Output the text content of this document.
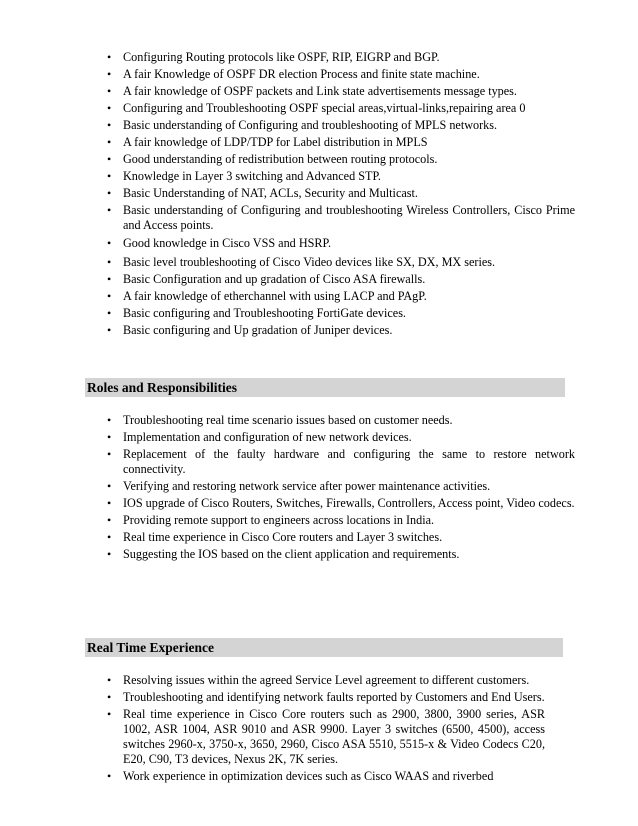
• Configuring Routing protocols like OSPF, RIP, EIGRP and BGP.
• A fair Knowledge of OSPF DR election Process and finite state machine.
• A fair knowledge of OSPF packets and Link state advertisements message types.
• Configuring and Troubleshooting OSPF special areas,virtual-links,repairing area 0
• Basic understanding of Configuring and troubleshooting of MPLS networks.
• A fair knowledge of LDP/TDP for Label distribution in MPLS
• Good understanding of redistribution between routing protocols.
• Knowledge in Layer 3 switching and Advanced STP.
• Basic Understanding of NAT, ACLs, Security and Multicast.
• Basic understanding of Configuring and troubleshooting Wireless Controllers, Cisco Prime and Access points.
• Good knowledge in Cisco VSS and HSRP.
• Basic level troubleshooting of Cisco Video devices like SX, DX, MX series.
• Basic Configuration and up gradation of Cisco ASA firewalls.
• A fair knowledge of etherchannel with using LACP and PAgP.
• Basic configuring and Troubleshooting FortiGate devices.
• Basic configuring and Up gradation of Juniper devices.
Roles and Responsibilities
• Troubleshooting real time scenario issues based on customer needs.
• Implementation and configuration of new network devices.
• Replacement of the faulty hardware and configuring the same to restore network connectivity.
• Verifying and restoring network service after power maintenance activities.
• IOS upgrade of Cisco Routers, Switches, Firewalls, Controllers, Access point, Video codecs.
• Providing remote support to engineers across locations in India.
• Real time experience in Cisco Core routers and Layer 3 switches.
• Suggesting the IOS based on the client application and requirements.
Real Time Experience
• Resolving issues within the agreed Service Level agreement to different customers.
• Troubleshooting and identifying network faults reported by Customers and End Users.
• Real time experience in Cisco Core routers such as 2900, 3800, 3900 series, ASR 1002, ASR 1004, ASR 9010 and ASR 9900. Layer 3 switches (6500, 4500), access switches 2960-x, 3750-x, 3650, 2960, Cisco ASA 5510, 5515-x & Video Codecs C20, E20, C90, T3 devices, Nexus 2K, 7K series.
• Work experience in optimization devices such as Cisco WAAS and riverbed
